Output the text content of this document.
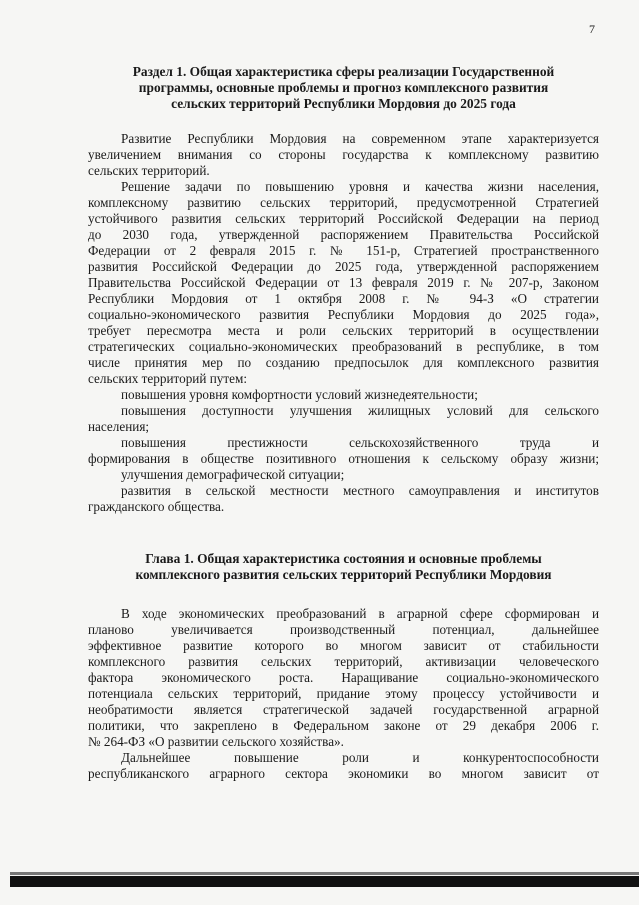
7
Раздел 1. Общая характеристика сферы реализации Государственной
программы, основные проблемы и прогноз комплексного развития
сельских территорий Республики Мордовия до 2025 года
Развитие Республики Мордовия на современном этапе характеризуется
увеличением внимания со стороны государства к комплексному развитию
сельских территорий.
Решение задачи по повышению уровня и качества жизни населения,
комплексному развитию сельских территорий, предусмотренной Стратегией
устойчивого развития сельских территорий Российской Федерации на период
до 2030 года, утвержденной распоряжением Правительства Российской
Федерации от 2 февраля 2015 г. № 151-р, Стратегией пространственного
развития Российской Федерации до 2025 года, утвержденной распоряжением
Правительства Российской Федерации от 13 февраля 2019 г. № 207-р, Законом
Республики Мордовия от 1 октября 2008 г. № 94-З «О стратегии
социально-экономического развития Республики Мордовия до 2025 года»,
требует пересмотра места и роли сельских территорий в осуществлении
стратегических социально-экономических преобразований в республике, в том
числе принятия мер по созданию предпосылок для комплексного развития
сельских территорий путем:
повышения уровня комфортности условий жизнедеятельности;
повышения доступности улучшения жилищных условий для сельского
населения;
повышения престижности сельскохозяйственного труда и
формирования в обществе позитивного отношения к сельскому образу жизни;
улучшения демографической ситуации;
развития в сельской местности местного самоуправления и институтов
гражданского общества.
Глава 1. Общая характеристика состояния и основные проблемы
комплексного развития сельских территорий Республики Мордовия
В ходе экономических преобразований в аграрной сфере сформирован и
планово увеличивается производственный потенциал, дальнейшее
эффективное развитие которого во многом зависит от стабильности
комплексного развития сельских территорий, активизации человеческого
фактора экономического роста. Наращивание социально-экономического
потенциала сельских территорий, придание этому процессу устойчивости и
необратимости является стратегической задачей государственной аграрной
политики, что закреплено в Федеральном законе от 29 декабря 2006 г.
№ 264-ФЗ «О развитии сельского хозяйства».
Дальнейшее повышение роли и конкурентоспособности
республиканского аграрного сектора экономики во многом зависит от
